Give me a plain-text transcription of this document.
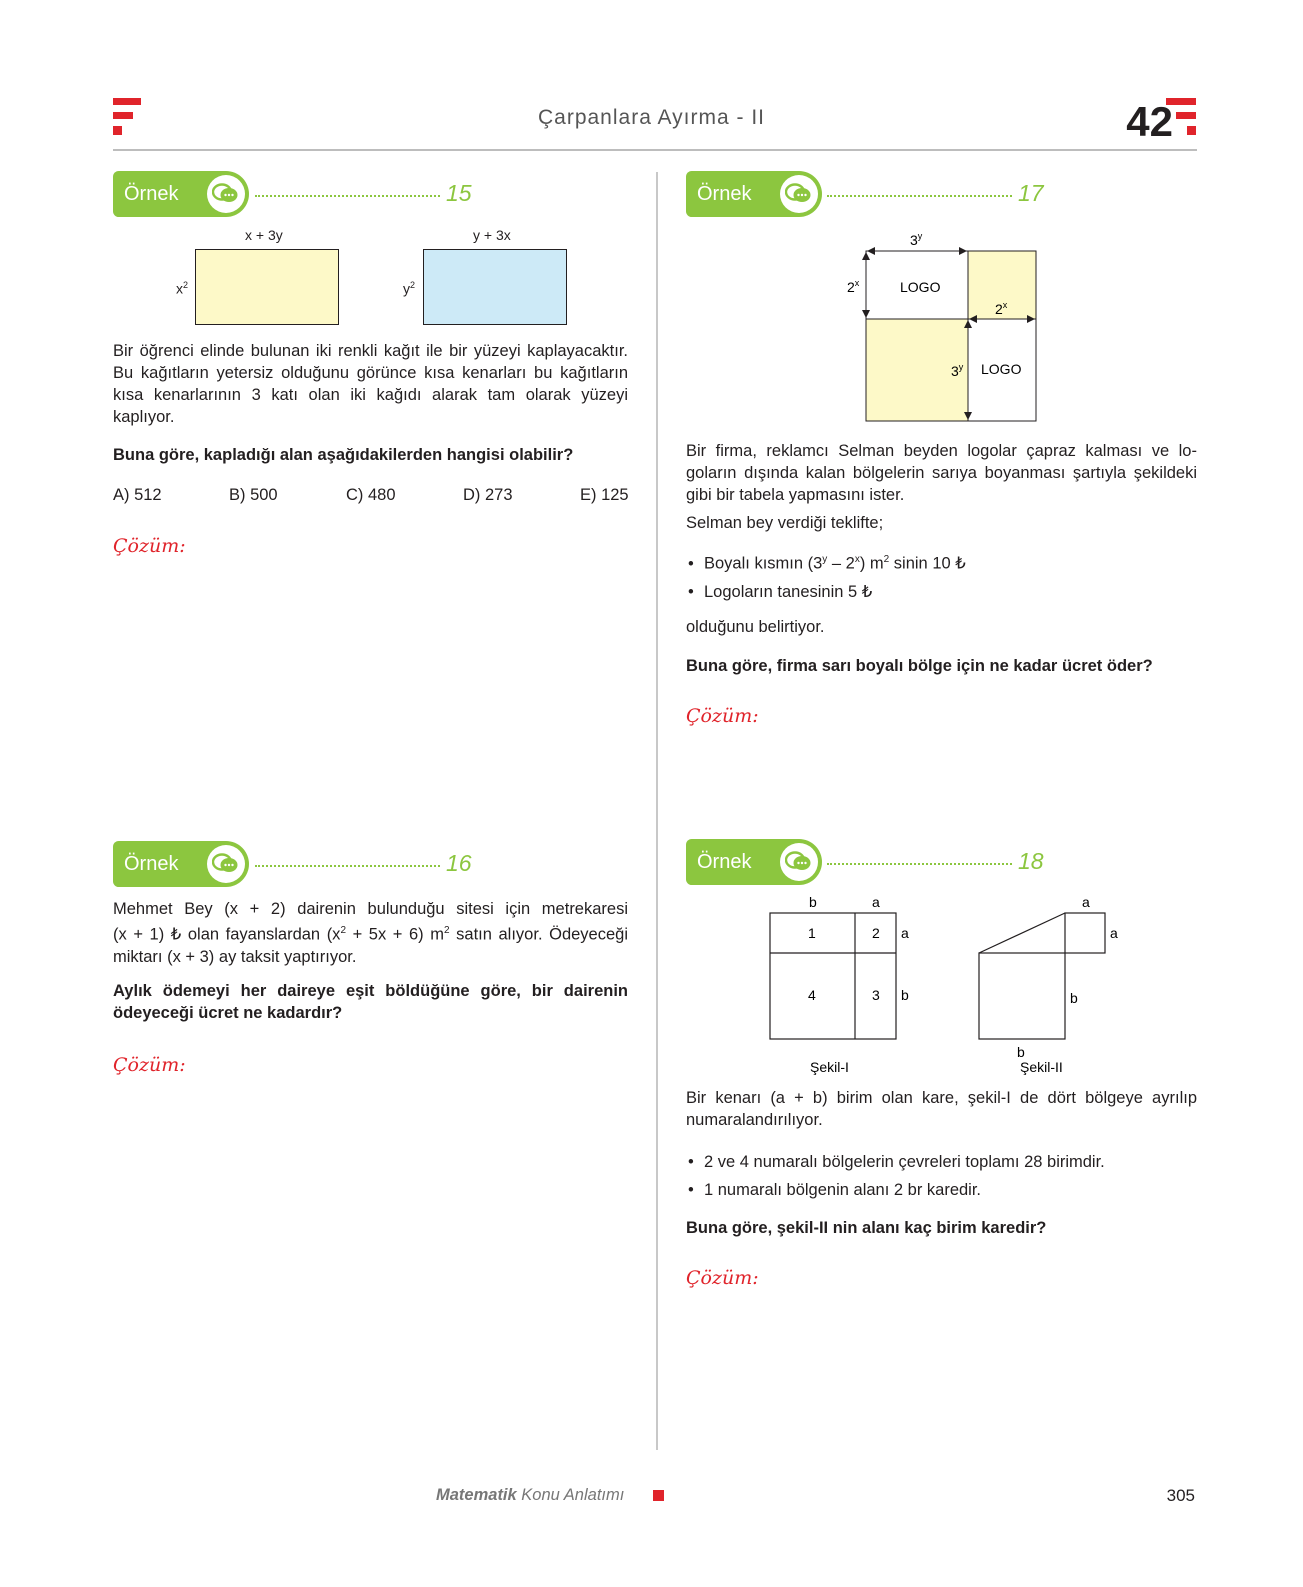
Çarpanlara Ayırma - II	42
Örnek	15
x + 3y
$x^2$
y + 3x
$y^2$
Bir öğrenci elinde bulunan iki renkli kağıt ile bir yüzeyi kaplayacaktır. Bu kağıtların yetersiz olduğunu görünce kısa kenarları bu kağıtların kısa kenarlarının 3 katı olan iki kağıdı alarak tam olarak yüzeyi kaplıyor.
Buna göre, kapladığı alan aşağıdakilerden hangisi olabilir?
A) 512	B) 500	C) 480	D) 273	E) 125
Çözüm:
Örnek	16
Mehmet Bey (x + 2) dairenin bulunduğu sitesi için metrekaresi
(x + 1) ₺ olan fayanslardan $(x^2 + 5x + 6)$ $m^2$ satın alıyor. Ödeyeceği
miktarı (x + 3) ay taksit yaptırıyor.
Aylık ödemeyi her daireye eşit böldüğüne göre, bir dairenin ödeyeceği ücret ne kadardır?
Çözüm:
Örnek	17
3$^y$
2$^x$
2$^x$
3$^y$
LOGO
LOGO
Bir firma, reklamcı Selman beyden logolar çapraz kalması ve logoların dışında kalan bölgelerin sarıya boyanması şartıyla şekildeki gibi bir tabela yapmasını ister.
Selman bey verdiği teklifte;
• Boyalı kısmın (3$^y$ – 2$^x$) $m^2$ sinin 10 ₺
• Logoların tanesinin 5 ₺
olduğunu belirtiyor.
Buna göre, firma sarı boyalı bölge için ne kadar ücret öder?
Çözüm:
Örnek	18
b	a
a
b
1	2
4	3
Şekil-I
a
a
b
b
Şekil-II
Bir kenarı (a + b) birim olan kare, şekil-I de dört bölgeye ayrılıp numaralandırılıyor.
• 2 ve 4 numaralı bölgelerin çevreleri toplamı 28 birimdir.
• 1 numaralı bölgenin alanı 2 br karedir.
Buna göre, şekil-II nin alanı kaç birim karedir?
Çözüm:
Matematik Konu Anlatımı	305
